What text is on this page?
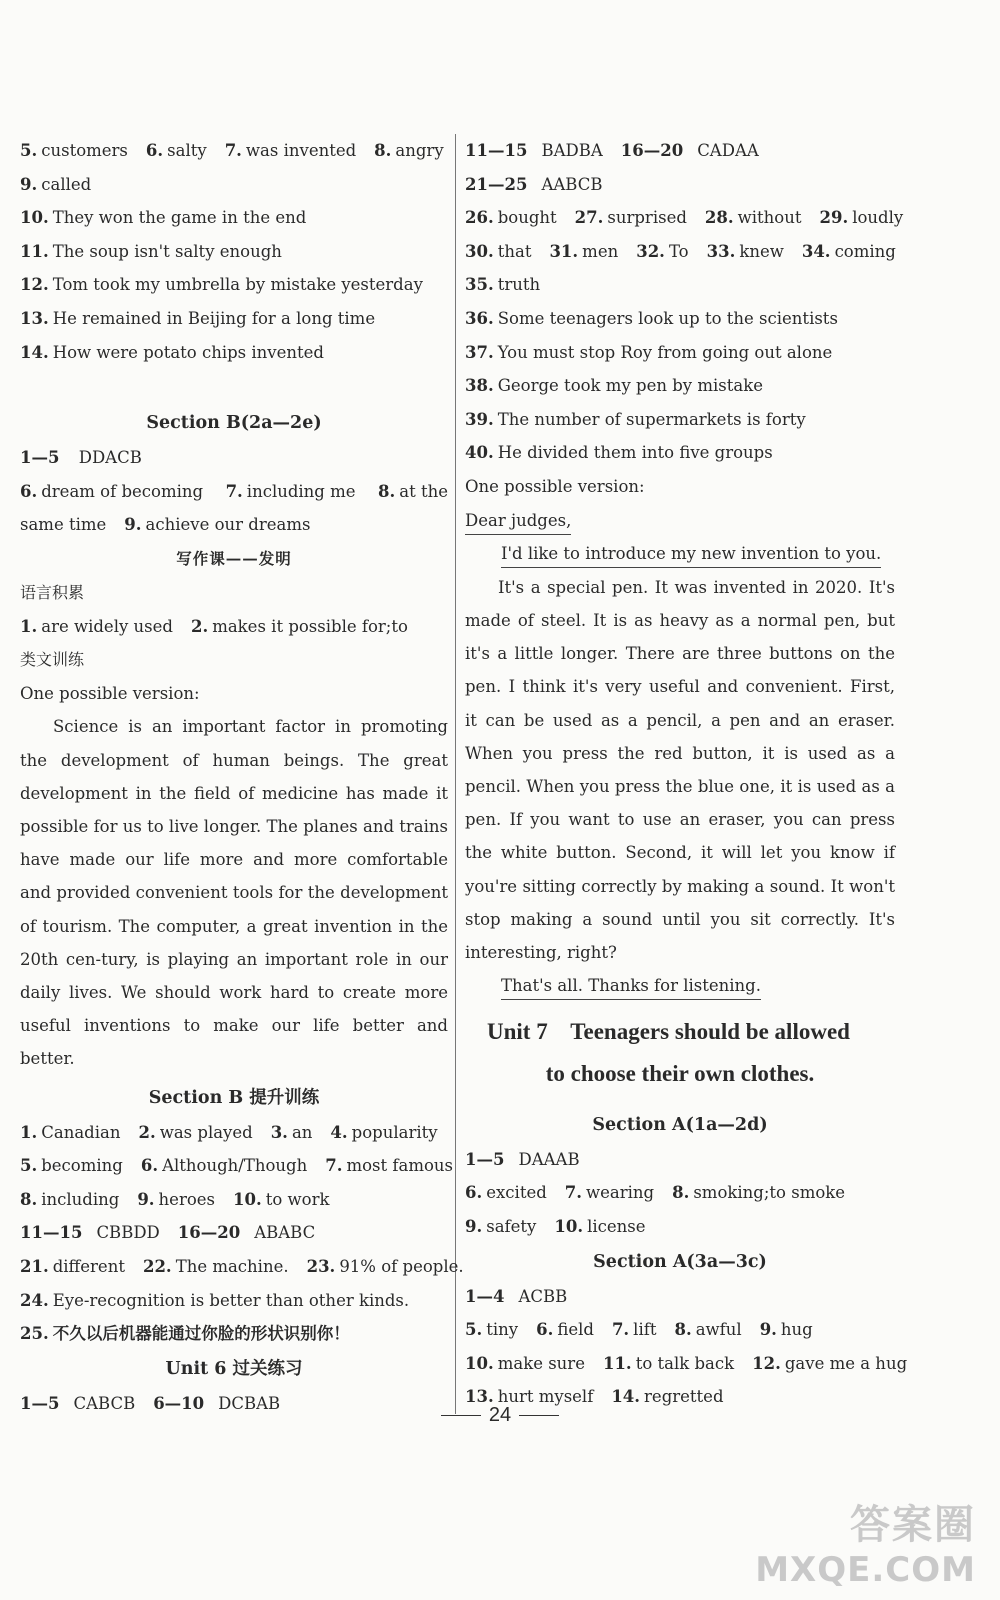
5. customers 6. salty 7. was invented 8. angry
9. called
10. They won the game in the end
11. The soup isn't salty enough
12. Tom took my umbrella by mistake yesterday
13. He remained in Beijing for a long time
14. How were potato chips invented
Section B(2a—2e)
1—5 DDACB
6. dream of becoming 7. including me 8. at the
same time 9. achieve our dreams
写作课——发明
语言积累
1. are widely used 2. makes it possible for;to
类文训练
One possible version:

Science is an important factor in promoting the development of human beings. The great development in the field of medicine has made it possible for us to live longer. The planes and trains have made our life more and more comfortable and provided convenient tools for the development of tourism. The computer, a great invention in the 20th cen-tury, is playing an important role in our daily lives. We should work hard to create more useful inventions to make our life better and better.

Section B 提升训练
1. Canadian 2. was played 3. an 4. popularity
5. becoming 6. Although/Though 7. most famous
8. including 9. heroes 10. to work
11—15 CBBDD 16—20 ABABC
21. different 22. The machine. 23. 91% of people.
24. Eye-recognition is better than other kinds.
25. 不久以后机器能通过你脸的形状识别你！
Unit 6 过关练习
1—5 CABCB 6—10 DCBAB
11—15 BADBA 16—20 CADAA
21—25 AABCB
26. bought 27. surprised 28. without 29. loudly
30. that 31. men 32. To 33. knew 34. coming
35. truth
36. Some teenagers look up to the scientists
37. You must stop Roy from going out alone
38. George took my pen by mistake
39. The number of supermarkets is forty
40. He divided them into five groups
One possible version:
Dear judges,
I'd like to introduce my new invention to you.

It's a special pen. It was invented in 2020. It's made of steel. It is as heavy as a normal pen, but it's a little longer. There are three buttons on the pen. I think it's very useful and convenient. First, it can be used as a pencil, a pen and an eraser. When you press the red button, it is used as a pencil. When you press the blue one, it is used as a pen. If you want to use an eraser, you can press the white button. Second, it will let you know if you're sitting correctly by making a sound. It won't stop making a sound until you sit correctly. It's interesting, right?

That's all. Thanks for listening.
Unit 7    Teenagers should be allowed
to choose their own clothes.
Section A(1a—2d)
1—5 DAAAB
6. excited 7. wearing 8. smoking;to smoke
9. safety 10. license
Section A(3a—3c)
1—4 ACBB
5. tiny 6. field 7. lift 8. awful 9. hug
10. make sure 11. to talk back 12. gave me a hug
13. hurt myself 14. regretted
24
答案圈
MXQE.COM
